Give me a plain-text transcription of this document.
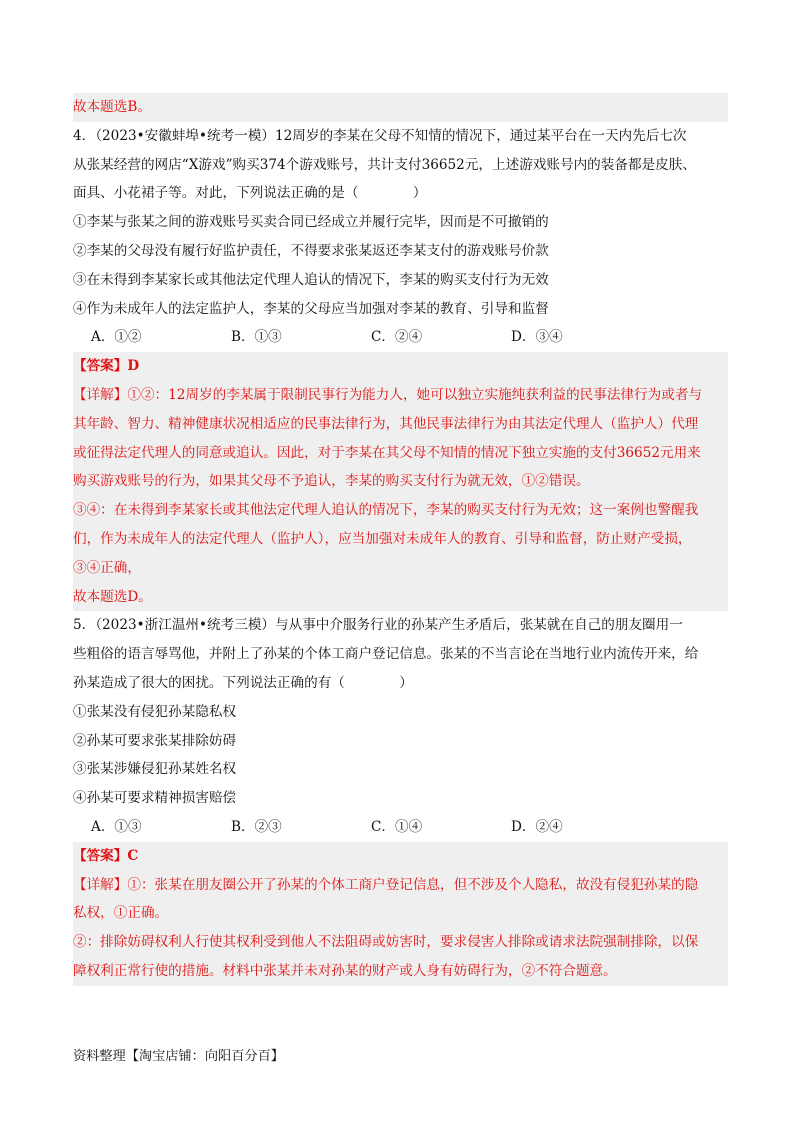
故本题选B。
4．（2023•安徽蚌埠•统考一模）12周岁的李某在父母不知情的情况下，通过某平台在一天内先后七次
从张某经营的网店“X游戏”购买374个游戏账号，共计支付36652元，上述游戏账号内的装备都是皮肤、
面具、小花裙子等。对此，下列说法正确的是（　　　　）
①李某与张某之间的游戏账号买卖合同已经成立并履行完毕，因而是不可撤销的
②李某的父母没有履行好监护责任，不得要求张某返还李某支付的游戏账号价款
③在未得到李某家长或其他法定代理人追认的情况下，李某的购买支付行为无效
④作为未成年人的法定监护人，李某的父母应当加强对李某的教育、引导和监督
A．①②	B．①③	C．②④	D．③④
【答案】D
【详解】①②：12周岁的李某属于限制民事行为能力人，她可以独立实施纯获利益的民事法律行为或者与
其年龄、智力、精神健康状况相适应的民事法律行为，其他民事法律行为由其法定代理人（监护人）代理
或征得法定代理人的同意或追认。因此，对于李某在其父母不知情的情况下独立实施的支付36652元用来
购买游戏账号的行为，如果其父母不予追认，李某的购买支付行为就无效，①②错误。
③④：在未得到李某家长或其他法定代理人追认的情况下，李某的购买支付行为无效；这一案例也警醒我
们，作为未成年人的法定代理人（监护人），应当加强对未成年人的教育、引导和监督，防止财产受损，
③④正确，
故本题选D。
5．（2023•浙江温州•统考三模）与从事中介服务行业的孙某产生矛盾后，张某就在自己的朋友圈用一
些粗俗的语言辱骂他，并附上了孙某的个体工商户登记信息。张某的不当言论在当地行业内流传开来，给
孙某造成了很大的困扰。下列说法正确的有（　　　　）
①张某没有侵犯孙某隐私权
②孙某可要求张某排除妨碍
③张某涉嫌侵犯孙某姓名权
④孙某可要求精神损害赔偿
A．①③	B．②③	C．①④	D．②④
【答案】C
【详解】①：张某在朋友圈公开了孙某的个体工商户登记信息，但不涉及个人隐私，故没有侵犯孙某的隐
私权，①正确。
②：排除妨碍权利人行使其权利受到他人不法阻碍或妨害时，要求侵害人排除或请求法院强制排除，以保
障权利正常行使的措施。材料中张某并未对孙某的财产或人身有妨碍行为，②不符合题意。
资料整理【淘宝店铺：向阳百分百】
